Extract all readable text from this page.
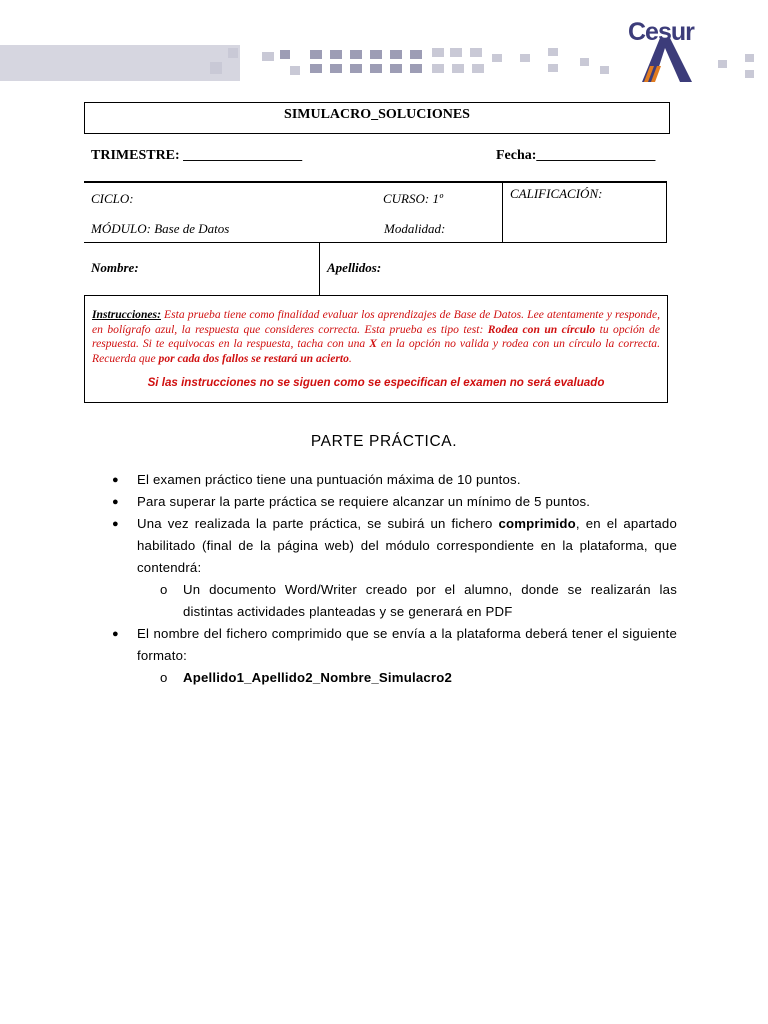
Cesur
SIMULACRO_SOLUCIONES
TRIMESTRE: _________________	Fecha:_________________
CICLO:	CURSO: 1º	CALIFICACIÓN:
MÓDULO: Base de Datos	Modalidad:
Nombre:	Apellidos:

Instrucciones: Esta prueba tiene como finalidad evaluar los aprendizajes de Base de Datos. Lee atentamente y responde, en bolígrafo azul, la respuesta que consideres correcta. Esta prueba es tipo test: Rodea con un círculo tu opción de respuesta. Si te equivocas en la respuesta, tacha con una X en la opción no valida y rodea con un círculo la correcta. Recuerda que por cada dos fallos se restará un acierto.

Si las instrucciones no se siguen como se especifican el examen no será evaluado

PARTE PRÁCTICA.
● El examen práctico tiene una puntuación máxima de 10 puntos.
● Para superar la parte práctica se requiere alcanzar un mínimo de 5 puntos.
● Una vez realizada la parte práctica, se subirá un fichero comprimido, en el apartado habilitado (final de la página web) del módulo correspondiente en la plataforma, que contendrá:
o Un documento Word/Writer creado por el alumno, donde se realizarán las distintas actividades planteadas y se generará en PDF
● El nombre del fichero comprimido que se envía a la plataforma deberá tener el siguiente formato:
o Apellido1_Apellido2_Nombre_Simulacro2
